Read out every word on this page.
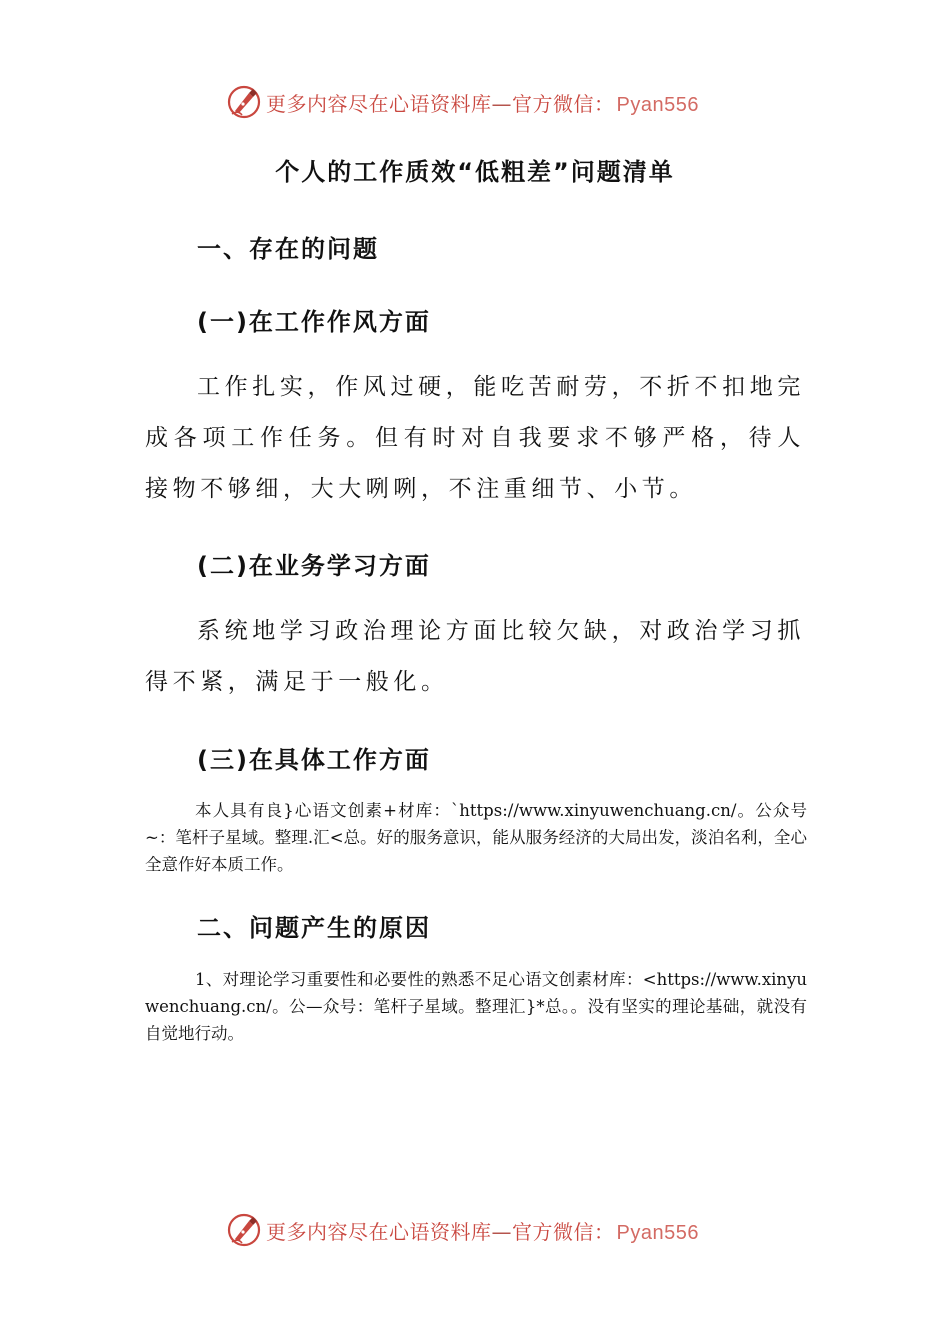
更多内容尽在心语资料库—官方微信： Pyan556
个人的工作质效“低粗差”问题清单
一、存在的问题
(一)在工作作风方面
工作扎实，作风过硬，能吃苦耐劳，不折不扣地完成各项工作任务。但有时对自我要求不够严格，待人接物不够细，大大咧咧，不注重细节、小节。
(二)在业务学习方面
系统地学习政治理论方面比较欠缺，对政治学习抓得不紧，满足于一般化。
(三)在具体工作方面
本人具有良}心语文创素+材库：`https://www.xinyuwenchuang.cn/。公众号~：笔杆子星域。整理.汇<总。好的服务意识，能从服务经济的大局出发，淡泊名利，全心全意作好本质工作。
二、问题产生的原因
1、对理论学习重要性和必要性的熟悉不足心语文创素材库：<https://www.xinyuwenchuang.cn/。公—众号：笔杆子星域。整理汇}*总。。没有坚实的理论基础，就没有自觉地行动。
更多内容尽在心语资料库—官方微信： Pyan556
